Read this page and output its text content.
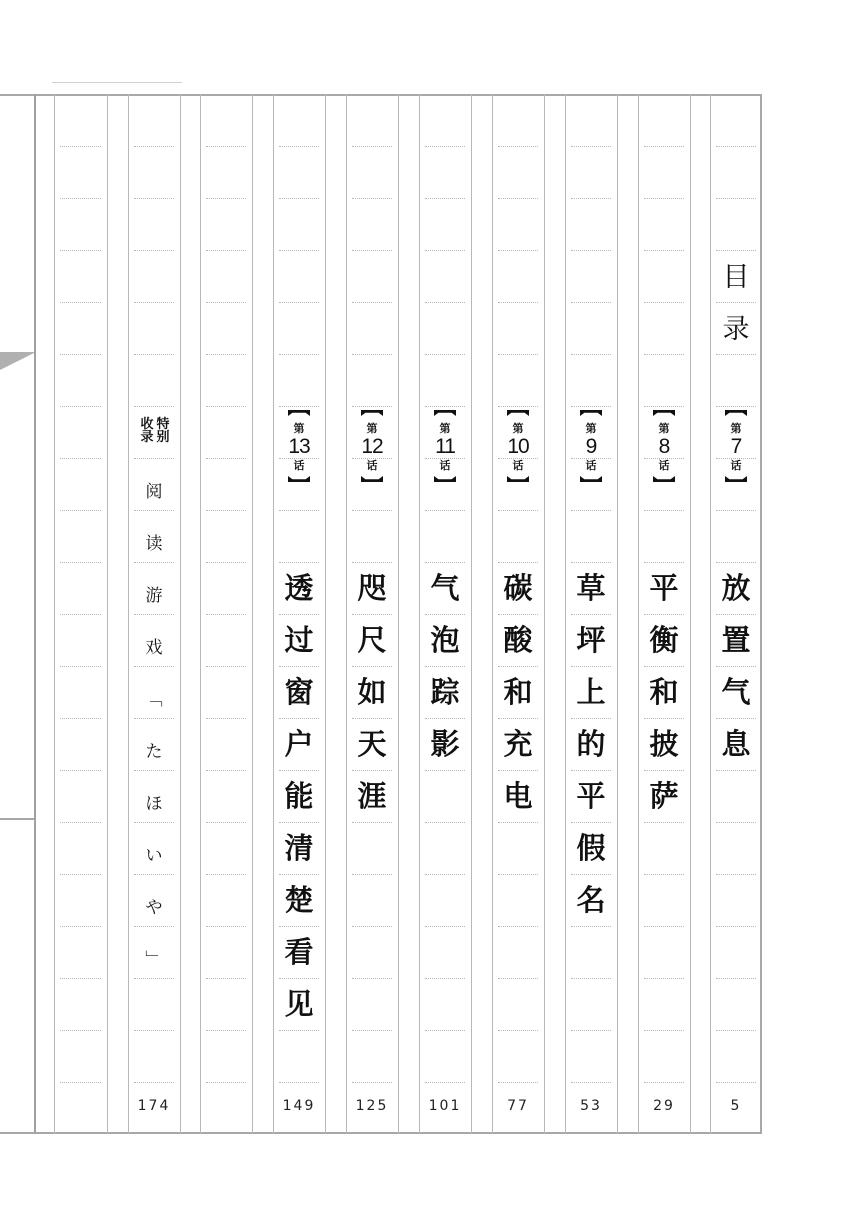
目
录
第
7
话
放
置
气
息
5
第
8
话
平
衡
和
披
萨
29
第
9
话
草
坪
上
的
平
假
名
53
第
10
话
碳
酸
和
充
电
77
第
11
话
气
泡
踪
影
101
第
12
话
咫
尺
如
天
涯
125
第
13
话
透
过
窗
户
能
清
楚
看
见
149
特别
收录
阅
读
游
戏
﹁
た
ほ
い
や
﹂
174
